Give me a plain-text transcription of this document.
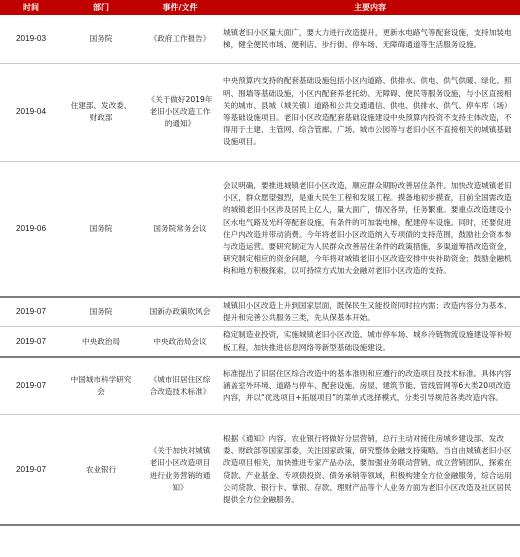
时间	部门	事件/文件	主要内容
2019-03	国务院	《政府工作报告》	城镇老旧小区量大面广，要大力进行改造提升，更新水电路气等配套设施，支持加装电梯，健全便民市场、便利店、步行街、停车场、无障碍通道等生活服务设施。
2019-04	住建部、发改委、财政部	《关于做好2019年老旧小区改造工作的通知》	中央预算内支持的配套基础设施包括小区内道路、供排水、供电、供气供暖、绿化、照明、围墙等基础设施，小区内配套养老托幼、无障碍、便民等服务设施，与小区直接相关的城市、县城（城关镇）道路和公共交通通信、供电、供排水、供气、停车库（场）等基础设施项目。老旧小区改造配套基础设施建设中央预算内投资不支持主体改造，不得用于土建、主管网、综合管廊、广场、城市公园等与老旧小区不直接相关的城镇基础设施项目。
2019-06	国务院	国务院常务会议	会议明确，要推进城镇老旧小区改造，顺应群众期盼改善居住条件。加快改造城镇老旧小区，群众愿望强烈，是重大民生工程和发展工程。摸备地初步摸查，目前全国需改造的城镇老旧小区涉及居民上亿人，量大面广，情况各异，任务繁重。要重点改造建设小区水电气路及光纤等配套设施，有条件的可加装电梯，配建停车设施。同时，还要促进住户内改造并带动消费。今年将老旧小区改造纳入专项债的支持范围，鼓励社会资本参与改造运营。要研究制定为人民群众改善居住条件的政策措施，多渠道筹措改造资金，研究制定相应的资金问题，今年将对城镇老旧小区改造安排中央补助资金；鼓励金融机构和地方积极探索，以可持续方式加大金融对老旧小区改造的支持。
2019-07	国务院	国新办政策吹风会	城镇旧小区改造上升到国家层面，既保民生又能投资同时拉内需；改造内容分为基本、提升和完善公共服务三类，先从保基本开始。
2019-07	中央政治局	中央政治局会议	稳定制造业投资，实施城镇老旧小区改造、城市停车场、城乡冷链物流设施建设等补短板工程，加快推进信息网络等新型基础设施建设。
2019-07	中国城市科学研究会	《城市旧居住区综合改造技术标准》	标准提出了旧居住区综合改造中的基本准则和应遵行的改造项目及技术标准。具体内容涵盖室外环境、道路与停车、配套设施、房屋、建筑节能、管线管网等6大类20项改造内容，并以“优选项目+拓展项目”的菜单式选择模式，分类引导规范各类改造内容。
2019-07	农业银行	《关于加快对城镇老旧小区改造项目进行业务营销的通知》	根据《通知》内容，农业银行将做好分层营销，总行主动对接住房城乡建设部、发改委、财政部等国家部委，关注国家政策，研究整体金融支持策略。当自由城镇老旧小区改造项目相关，加快推进专家产品办法，要加强业务联动营销，成立营销团队，探索在贷款、产业基金、专项债投资、债务承销等领域，积极构建全方位金融服务，综合运用公司贷款、银行卡、掌银、存款、理财产品等个人业务方面为老旧小区改造及社区居民提供全方位金融服务。
